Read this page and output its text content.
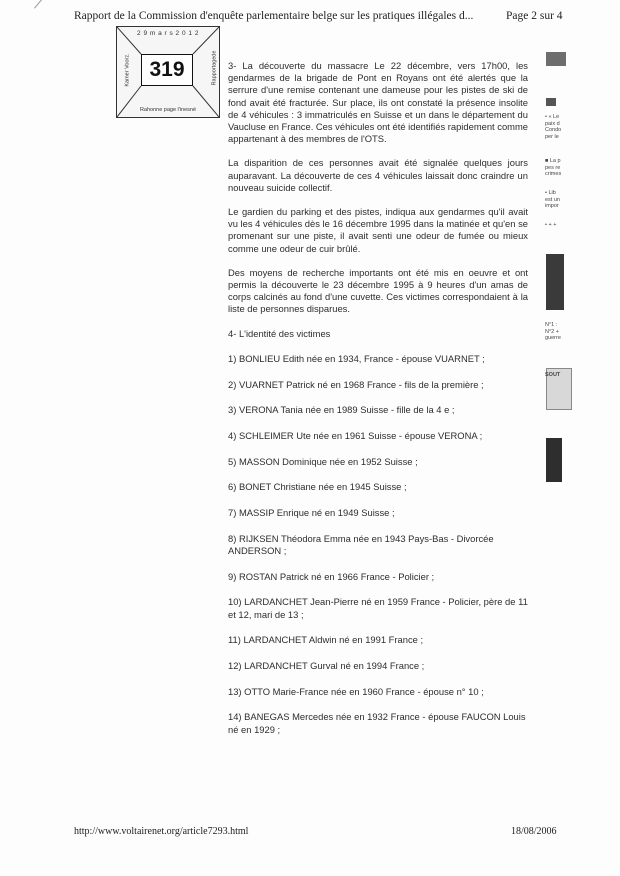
Rapport de la Commission d'enquête parlementaire belge sur les pratiques illégales d...	Page 2 sur 4
2 9 m a r s 2 0 1 2
319
Kamer Voorz.	Rapportagede
Rahonne page l'inesné

3- La découverte du massacre Le 22 décembre, vers 17h00, les gendarmes de la brigade de Pont en Royans ont été alertés que la serrure d'une remise contenant une dameuse pour les pistes de ski de fond avait été fracturée. Sur place, ils ont constaté la présence insolite de 4 véhicules : 3 immatriculés en Suisse et un dans le département du Vaucluse en France. Ces véhicules ont été identifiés rapidement comme appartenant à des membres de l'OTS.

La disparition de ces personnes avait été signalée quelques jours auparavant. La découverte de ces 4 véhicules laissait donc craindre un nouveau suicide collectif.

Le gardien du parking et des pistes, indiqua aux gendarmes qu'il avait vu les 4 véhicules dès le 16 décembre 1995 dans la matinée et qu'en se promenant sur une piste, il avait senti une odeur de fumée ou mieux comme une odeur de cuir brûlé.

Des moyens de recherche importants ont été mis en oeuvre et ont permis la découverte le 23 décembre 1995 à 9 heures d'un amas de corps calcinés au fond d'une cuvette. Ces victimes correspondaient à la liste de personnes disparues.

4- L'identité des victimes

1) BONLIEU Edith née en 1934, France - épouse VUARNET ;

2) VUARNET Patrick né en 1968 France - fils de la première ;

3) VERONA Tania née en 1989 Suisse - fille de la 4 e ;

4) SCHLEIMER Ute née en 1961 Suisse - épouse VERONA ;

5) MASSON Dominique née en 1952 Suisse ;

6) BONET Christiane née en 1945 Suisse ;

7) MASSIP Enrique né en 1949 Suisse ;

8) RIJKSEN Théodora Emma née en 1943 Pays-Bas - Divorcée ANDERSON ;

9) ROSTAN Patrick né en 1966 France - Policier ;

10) LARDANCHET Jean-Pierre né en 1959 France - Policier, père de 11 et 12, mari de 13 ;

11) LARDANCHET Aldwin né en 1991 France ;

12) LARDANCHET Gurval né en 1994 France ;

13) OTTO Marie-France née en 1960 France - épouse n° 10 ;

14) BANEGAS Mercedes née en 1932 France - épouse FAUCON Louis né en 1929 ;

• « Le
paix d
Condo
per le
■ La p
pes re
crimes
• Lib
est un
impor
• + +
N°1 :
N°2 +
guerre
SOUT
http://www.voltairenet.org/article7293.html	18/08/2006
